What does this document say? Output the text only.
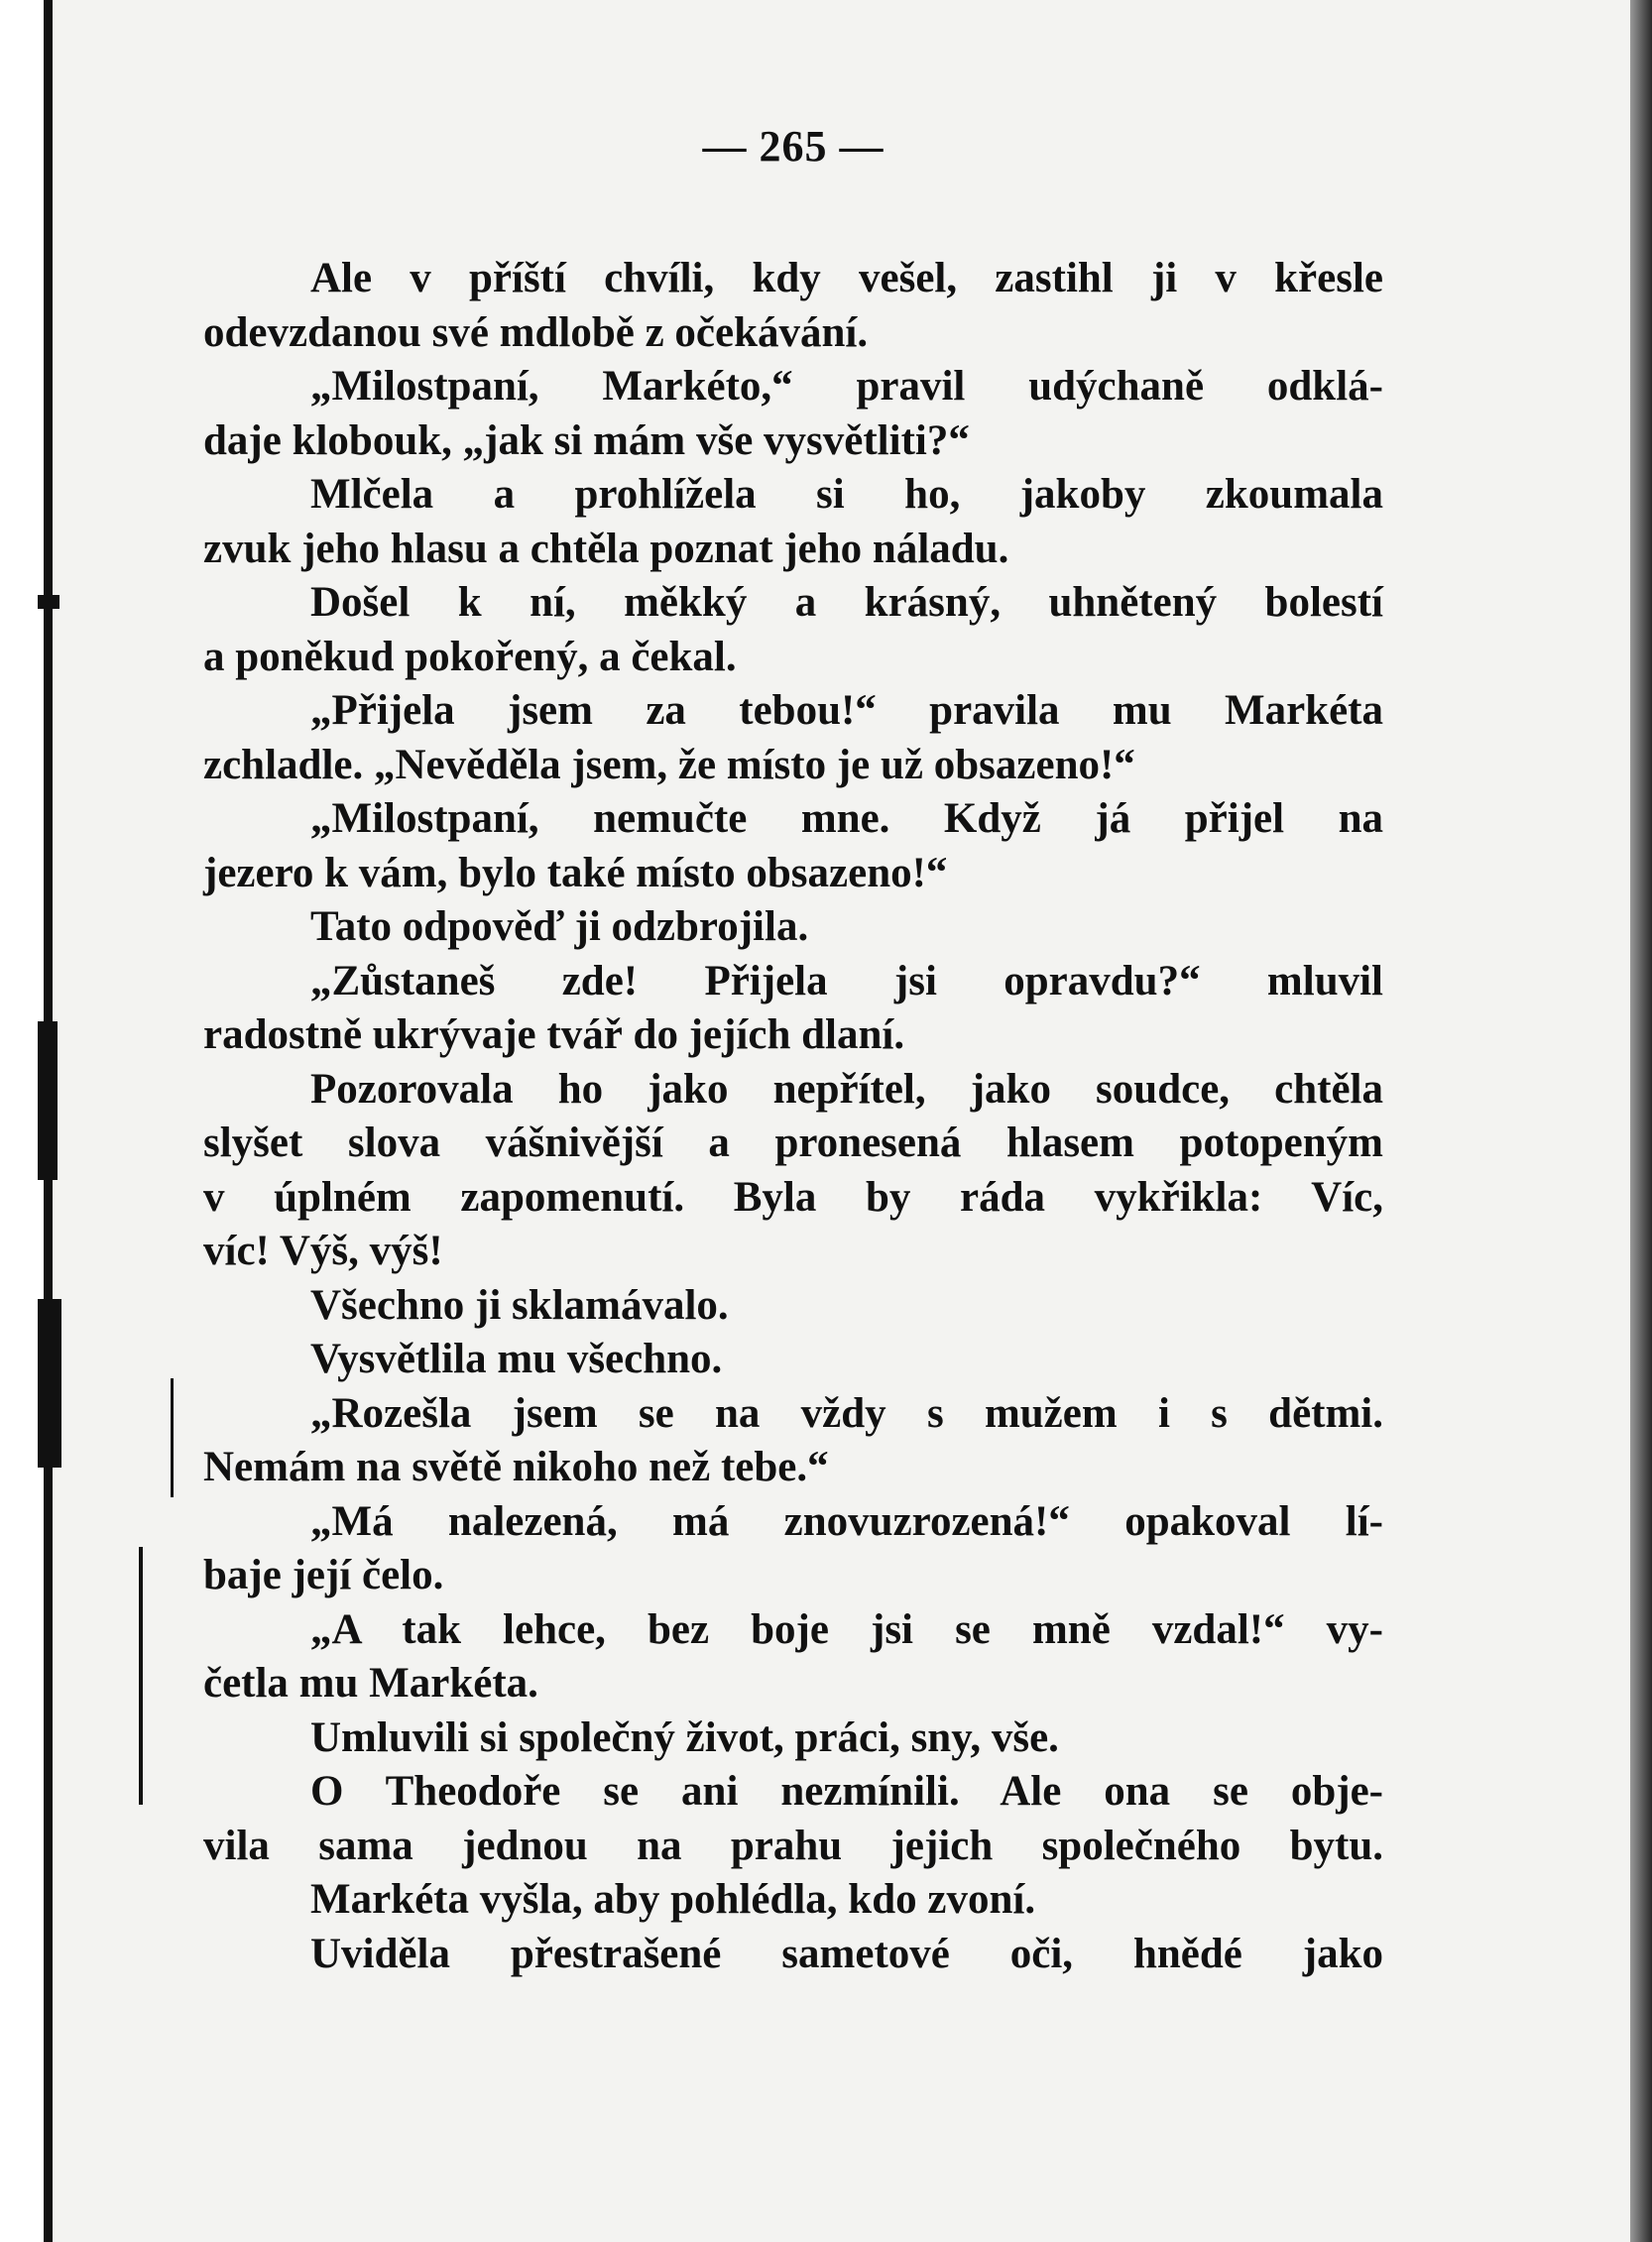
— 265 —
Ale v příští chvíli, kdy vešel, zastihl ji v křesle
odevzdanou své mdlobě z očekávání.
„Milostpaní, Markéto,“ pravil udýchaně odklá-
daje klobouk, „jak si mám vše vysvětliti?“
Mlčela a prohlížela si ho, jakoby zkoumala
zvuk jeho hlasu a chtěla poznat jeho náladu.
Došel k ní, měkký a krásný, uhnětený bolestí
a poněkud pokořený, a čekal.
„Přijela jsem za tebou!“ pravila mu Markéta
zchladle. „Nevěděla jsem, že místo je už obsazeno!“
„Milostpaní, nemučte mne. Když já přijel na
jezero k vám, bylo také místo obsazeno!“
Tato odpověď ji odzbrojila.
„Zůstaneš zde! Přijela jsi opravdu?“ mluvil
radostně ukrývaje tvář do jejích dlaní.
Pozorovala ho jako nepřítel, jako soudce, chtěla
slyšet slova vášnivější a pronesená hlasem potopeným
v úplném zapomenutí. Byla by ráda vykřikla: Víc,
víc! Výš, výš!
Všechno ji sklamávalo.
Vysvětlila mu všechno.
„Rozešla jsem se na vždy s mužem i s dětmi.
Nemám na světě nikoho než tebe.“
„Má nalezená, má znovuzrozená!“ opakoval lí-
baje její čelo.
„A tak lehce, bez boje jsi se mně vzdal!“ vy-
četla mu Markéta.
Umluvili si společný život, práci, sny, vše.
O Theodoře se ani nezmínili. Ale ona se obje-
vila sama jednou na prahu jejich společného bytu.
Markéta vyšla, aby pohlédla, kdo zvoní.
Uviděla přestrašené sametové oči, hnědé jako
